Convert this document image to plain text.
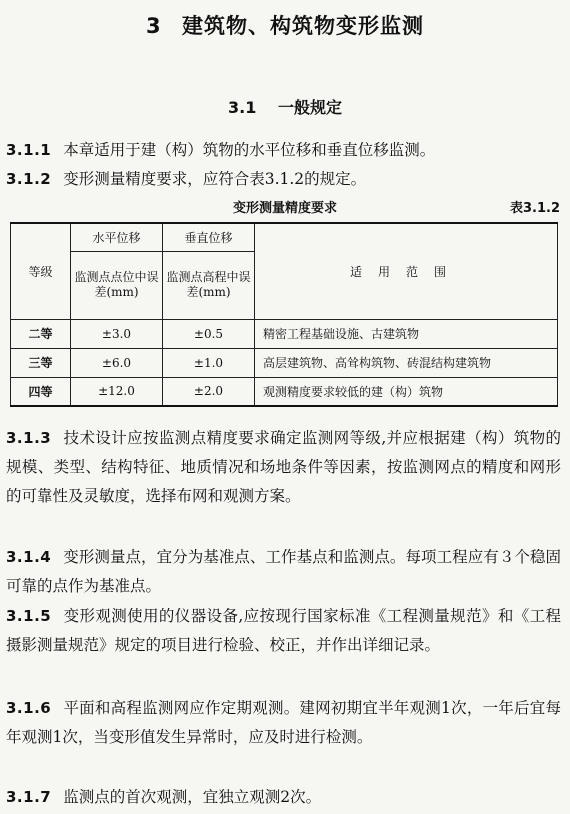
3 建筑物、构筑物变形监测
3.1 一般规定
3.1.1 本章适用于建（构）筑物的水平位移和垂直位移监测。
3.1.2 变形测量精度要求，应符合表3.1.2的规定。
变形测量精度要求	表3.1.2
等级	水平位移	垂直位移	适用范围
	监测点点位中误差(mm)	监测点高程中误差(mm)	
二等	±3.0	±0.5	精密工程基础设施、古建筑物
三等	±6.0	±1.0	高层建筑物、高耸构筑物、砖混结构建筑物
四等	±12.0	±2.0	观测精度要求较低的建（构）筑物
3.1.3 技术设计应按监测点精度要求确定监测网等级,并应根据建（构）筑物的规模、类型、结构特征、地质情况和场地条件等因素，按监测网点的精度和网形的可靠性及灵敏度，选择布网和观测方案。
3.1.4 变形测量点，宜分为基准点、工作基点和监测点。每项工程应有３个稳固可靠的点作为基准点。
3.1.5 变形观测使用的仪器设备,应按现行国家标准《工程测量规范》和《工程摄影测量规范》规定的项目进行检验、校正，并作出详细记录。
3.1.6 平面和高程监测网应作定期观测。建网初期宜半年观测1次，一年后宜每年观测1次，当变形值发生异常时，应及时进行检测。
3.1.7 监测点的首次观测，宜独立观测2次。
